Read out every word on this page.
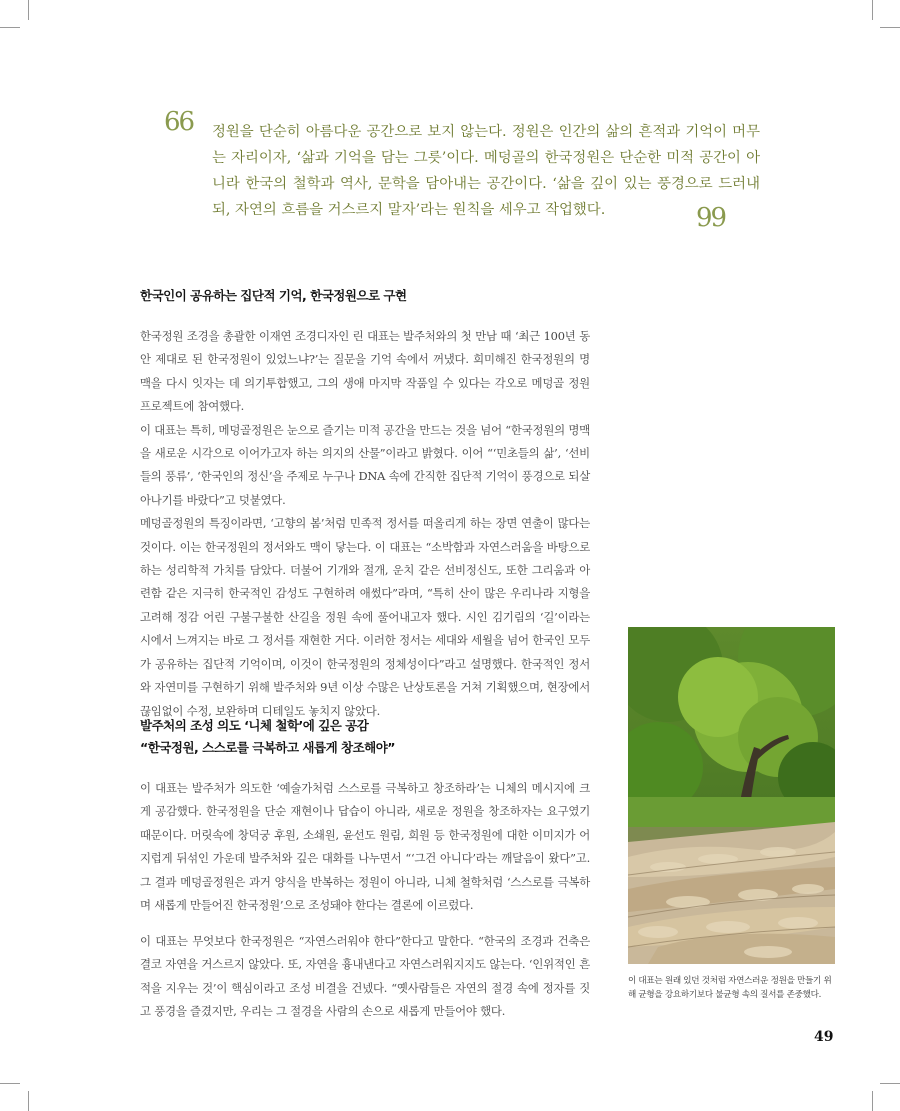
66 정원을 단순히 아름다운 공간으로 보지 않는다. 정원은 인간의 삶의 흔적과 기억이 머무는 자리이자, ‘삶과 기억을 담는 그릇’이다. 메덩골의 한국정원은 단순한 미적 공간이 아니라 한국의 철학과 역사, 문학을 담아내는 공간이다. ‘삶을 깊이 있는 풍경으로 드러내되, 자연의 흐름을 거스르지 말자’라는 원칙을 세우고 작업했다.	99
한국인이 공유하는 집단적 기억, 한국정원으로 구현

한국정원 조경을 총괄한 이재연 조경디자인 린 대표는 발주처와의 첫 만남 때 ‘최근 100년 동안 제대로 된 한국정원이 있었느냐?’는 질문을 기억 속에서 꺼냈다. 희미해진 한국정원의 명맥을 다시 잇자는 데 의기투합했고, 그의 생애 마지막 작품일 수 있다는 각오로 메덩골 정원 프로젝트에 참여했다.

이 대표는 특히, 메덩골정원은 눈으로 즐기는 미적 공간을 만드는 것을 넘어 “한국정원의 명맥을 새로운 시각으로 이어가고자 하는 의지의 산물”이라고 밝혔다. 이어 “‘민초들의 삶’, ‘선비들의 풍류’, ‘한국인의 정신’을 주제로 누구나 DNA 속에 간직한 집단적 기억이 풍경으로 되살아나기를 바랐다”고 덧붙였다.

메덩골정원의 특징이라면, ‘고향의 봄’처럼 민족적 정서를 떠올리게 하는 장면 연출이 많다는 것이다. 이는 한국정원의 정서와도 맥이 닿는다. 이 대표는 “소박함과 자연스러움을 바탕으로 하는 성리학적 가치를 담았다. 더불어 기개와 절개, 운치 같은 선비정신도, 또한 그리움과 아련함 같은 지극히 한국적인 감성도 구현하려 애썼다”라며, “특히 산이 많은 우리나라 지형을 고려해 정감 어린 구불구불한 산길을 정원 속에 풀어내고자 했다. 시인 김기림의 ‘길’이라는 시에서 느껴지는 바로 그 정서를 재현한 거다. 이러한 정서는 세대와 세월을 넘어 한국인 모두가 공유하는 집단적 기억이며, 이것이 한국정원의 정체성이다”라고 설명했다. 한국적인 정서와 자연미를 구현하기 위해 발주처와 9년 이상 수많은 난상토론을 거쳐 기획했으며, 현장에서 끊임없이 수정, 보완하며 디테일도 놓치지 않았다.

발주처의 조성 의도 ‘니체 철학’에 깊은 공감
“한국정원, 스스로를 극복하고 새롭게 창조해야”

이 대표는 발주처가 의도한 ‘예술가처럼 스스로를 극복하고 창조하라’는 니체의 메시지에 크게 공감했다. 한국정원을 단순 재현이나 답습이 아니라, 새로운 정원을 창조하자는 요구였기 때문이다. 머릿속에 창덕궁 후원, 소쇄원, 윤선도 원림, 희원 등 한국정원에 대한 이미지가 어지럽게 뒤섞인 가운데 발주처와 깊은 대화를 나누면서 “‘그건 아니다’라는 깨달음이 왔다”고. 그 결과 메덩골정원은 과거 양식을 반복하는 정원이 아니라, 니체 철학처럼 ‘스스로를 극복하며 새롭게 만들어진 한국정원’으로 조성돼야 한다는 결론에 이르렀다.

이 대표는 무엇보다 한국정원은 “자연스러워야 한다”한다고 말한다. “한국의 조경과 건축은 결코 자연을 거스르지 않았다. 또, 자연을 흉내낸다고 자연스러워지지도 않는다. ‘인위적인 흔적을 지우는 것’이 핵심이라고 조성 비결을 건넸다. “옛사람들은 자연의 절경 속에 정자를 짓고 풍경을 즐겼지만, 우리는 그 절경을 사람의 손으로 새롭게 만들어야 했다.

이 대표는 원래 있던 것처럼 자연스러운 정원을 만들기 위해 균형을 강요하기보다 불균형 속의 질서를 존중했다.
49
